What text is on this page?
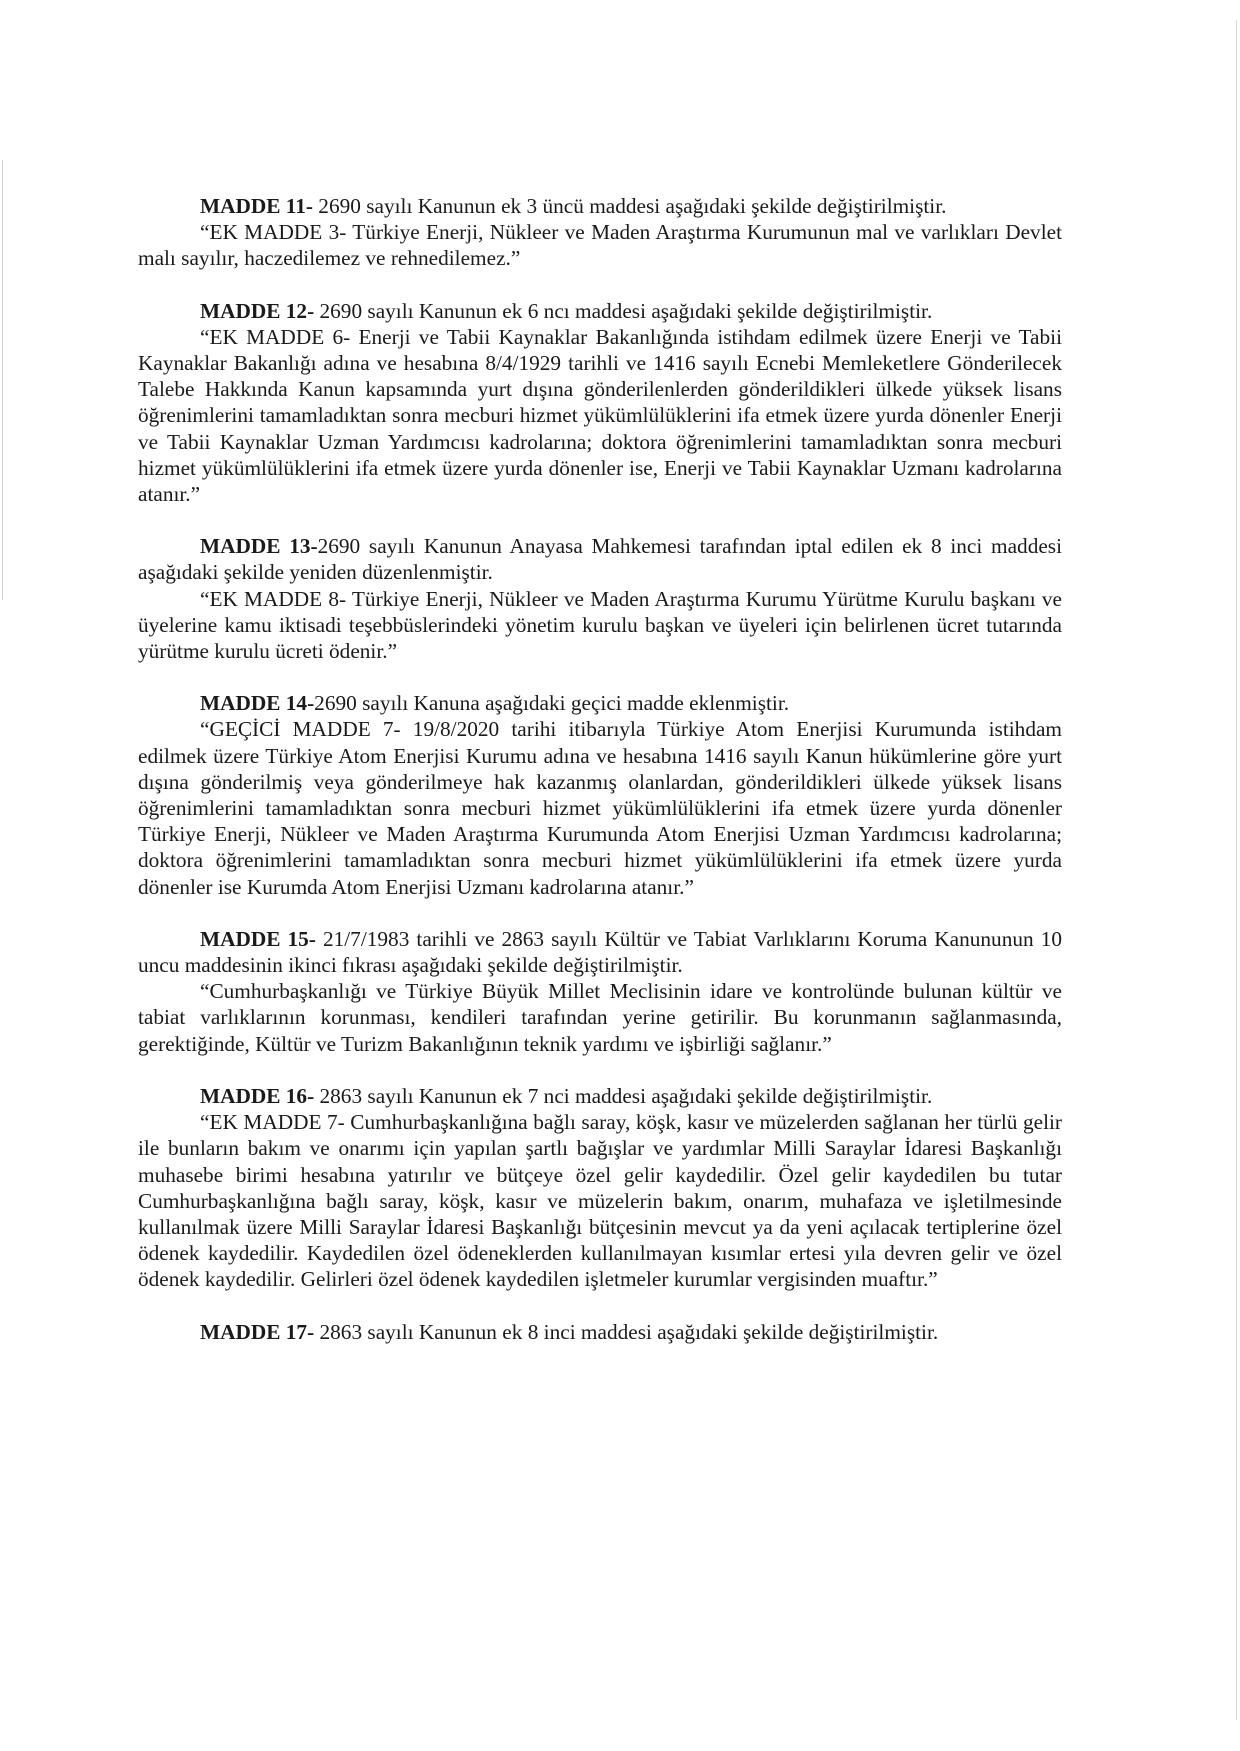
MADDE 11- 2690 sayılı Kanunun ek 3 üncü maddesi aşağıdaki şekilde değiştirilmiştir.

“EK MADDE 3- Türkiye Enerji, Nükleer ve Maden Araştırma Kurumunun mal ve varlıkları Devlet malı sayılır, haczedilemez ve rehnedilemez.”

MADDE 12- 2690 sayılı Kanunun ek 6 ncı maddesi aşağıdaki şekilde değiştirilmiştir.

“EK MADDE 6- Enerji ve Tabii Kaynaklar Bakanlığında istihdam edilmek üzere Enerji ve Tabii Kaynaklar Bakanlığı adına ve hesabına 8/4/1929 tarihli ve 1416 sayılı Ecnebi Memleketlere Gönderilecek Talebe Hakkında Kanun kapsamında yurt dışına gönderilenlerden gönderildikleri ülkede yüksek lisans öğrenimlerini tamamladıktan sonra mecburi hizmet yükümlülüklerini ifa etmek üzere yurda dönenler Enerji ve Tabii Kaynaklar Uzman Yardımcısı kadrolarına; doktora öğrenimlerini tamamladıktan sonra mecburi hizmet yükümlülüklerini ifa etmek üzere yurda dönenler ise, Enerji ve Tabii Kaynaklar Uzmanı kadrolarına atanır.”

MADDE 13-2690 sayılı Kanunun Anayasa Mahkemesi tarafından iptal edilen ek 8 inci maddesi aşağıdaki şekilde yeniden düzenlenmiştir.

“EK MADDE 8- Türkiye Enerji, Nükleer ve Maden Araştırma Kurumu Yürütme Kurulu başkanı ve üyelerine kamu iktisadi teşebbüslerindeki yönetim kurulu başkan ve üyeleri için belirlenen ücret tutarında yürütme kurulu ücreti ödenir.”

MADDE 14-2690 sayılı Kanuna aşağıdaki geçici madde eklenmiştir.

“GEÇİCİ MADDE 7- 19/8/2020 tarihi itibarıyla Türkiye Atom Enerjisi Kurumunda istihdam edilmek üzere Türkiye Atom Enerjisi Kurumu adına ve hesabına 1416 sayılı Kanun hükümlerine göre yurt dışına gönderilmiş veya gönderilmeye hak kazanmış olanlardan, gönderildikleri ülkede yüksek lisans öğrenimlerini tamamladıktan sonra mecburi hizmet yükümlülüklerini ifa etmek üzere yurda dönenler Türkiye Enerji, Nükleer ve Maden Araştırma Kurumunda Atom Enerjisi Uzman Yardımcısı kadrolarına; doktora öğrenimlerini tamamladıktan sonra mecburi hizmet yükümlülüklerini ifa etmek üzere yurda dönenler ise Kurumda Atom Enerjisi Uzmanı kadrolarına atanır.”

MADDE 15- 21/7/1983 tarihli ve 2863 sayılı Kültür ve Tabiat Varlıklarını Koruma Kanununun 10 uncu maddesinin ikinci fıkrası aşağıdaki şekilde değiştirilmiştir.

“Cumhurbaşkanlığı ve Türkiye Büyük Millet Meclisinin idare ve kontrolünde bulunan kültür ve tabiat varlıklarının korunması, kendileri tarafından yerine getirilir. Bu korunmanın sağlanmasında, gerektiğinde, Kültür ve Turizm Bakanlığının teknik yardımı ve işbirliği sağlanır.”

MADDE 16- 2863 sayılı Kanunun ek 7 nci maddesi aşağıdaki şekilde değiştirilmiştir.

“EK MADDE 7- Cumhurbaşkanlığına bağlı saray, köşk, kasır ve müzelerden sağlanan her türlü gelir ile bunların bakım ve onarımı için yapılan şartlı bağışlar ve yardımlar Milli Saraylar İdaresi Başkanlığı muhasebe birimi hesabına yatırılır ve bütçeye özel gelir kaydedilir. Özel gelir kaydedilen bu tutar Cumhurbaşkanlığına bağlı saray, köşk, kasır ve müzelerin bakım, onarım, muhafaza ve işletilmesinde kullanılmak üzere Milli Saraylar İdaresi Başkanlığı bütçesinin mevcut ya da yeni açılacak tertiplerine özel ödenek kaydedilir. Kaydedilen özel ödeneklerden kullanılmayan kısımlar ertesi yıla devren gelir ve özel ödenek kaydedilir. Gelirleri özel ödenek kaydedilen işletmeler kurumlar vergisinden muaftır.”

MADDE 17- 2863 sayılı Kanunun ek 8 inci maddesi aşağıdaki şekilde değiştirilmiştir.
